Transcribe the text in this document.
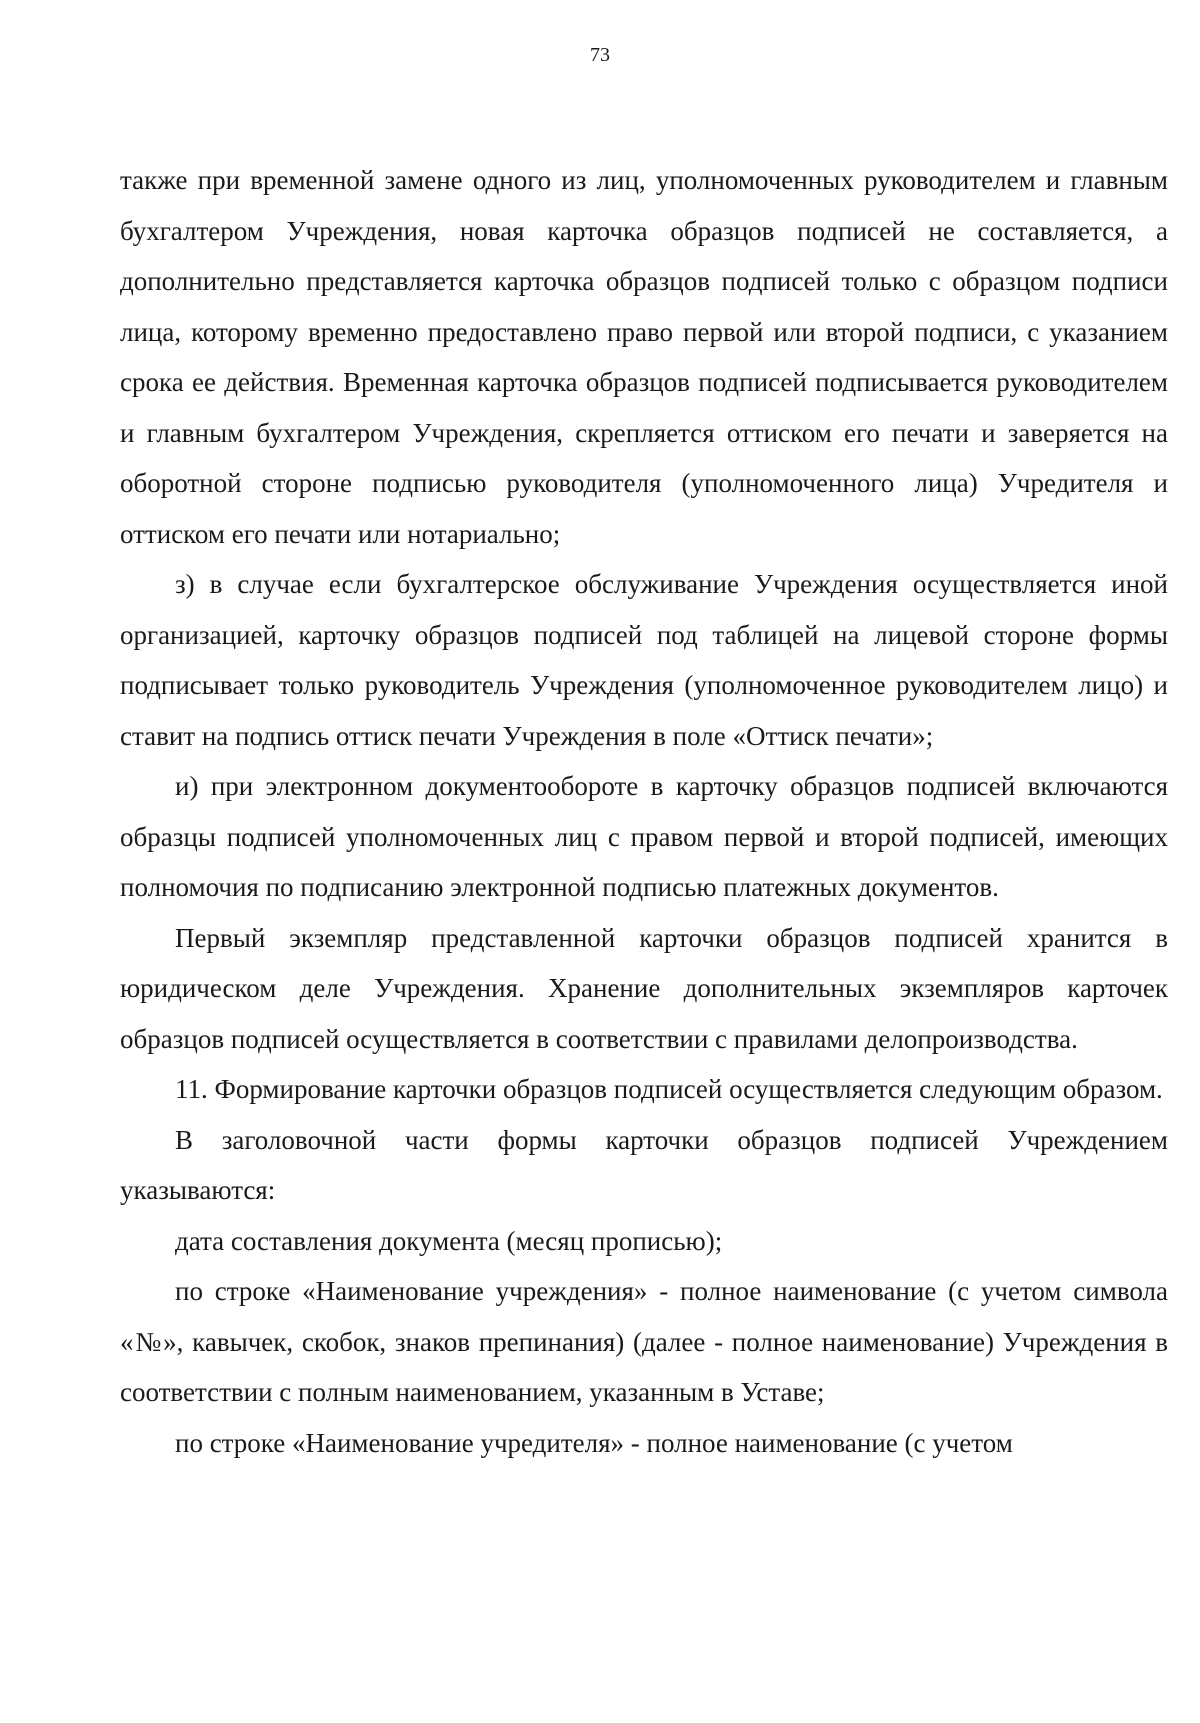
73

также при временной замене одного из лиц, уполномоченных руководителем и главным бухгалтером Учреждения, новая карточка образцов подписей не составляется, а дополнительно представляется карточка образцов подписей только с образцом подписи лица, которому временно предоставлено право первой или второй подписи, с указанием срока ее действия. Временная карточка образцов подписей подписывается руководителем и главным бухгалтером Учреждения, скрепляется оттиском его печати и заверяется на оборотной стороне подписью руководителя (уполномоченного лица) Учредителя и оттиском его печати или нотариально;

з) в случае если бухгалтерское обслуживание Учреждения осуществляется иной организацией, карточку образцов подписей под таблицей на лицевой стороне формы подписывает только руководитель Учреждения (уполномоченное руководителем лицо) и ставит на подпись оттиск печати Учреждения в поле «Оттиск печати»;

и) при электронном документообороте в карточку образцов подписей включаются образцы подписей уполномоченных лиц с правом первой и второй подписей, имеющих полномочия по подписанию электронной подписью платежных документов.

Первый экземпляр представленной карточки образцов подписей хранится в юридическом деле Учреждения. Хранение дополнительных экземпляров карточек образцов подписей осуществляется в соответствии с правилами делопроизводства.

11. Формирование карточки образцов подписей осуществляется следующим образом.

В заголовочной части формы карточки образцов подписей Учреждением указываются:

дата составления документа (месяц прописью);

по строке «Наименование учреждения» - полное наименование (с учетом символа «№», кавычек, скобок, знаков препинания) (далее - полное наименование) Учреждения в соответствии с полным наименованием, указанным в Уставе;

по строке «Наименование учредителя» - полное наименование (с учетом
